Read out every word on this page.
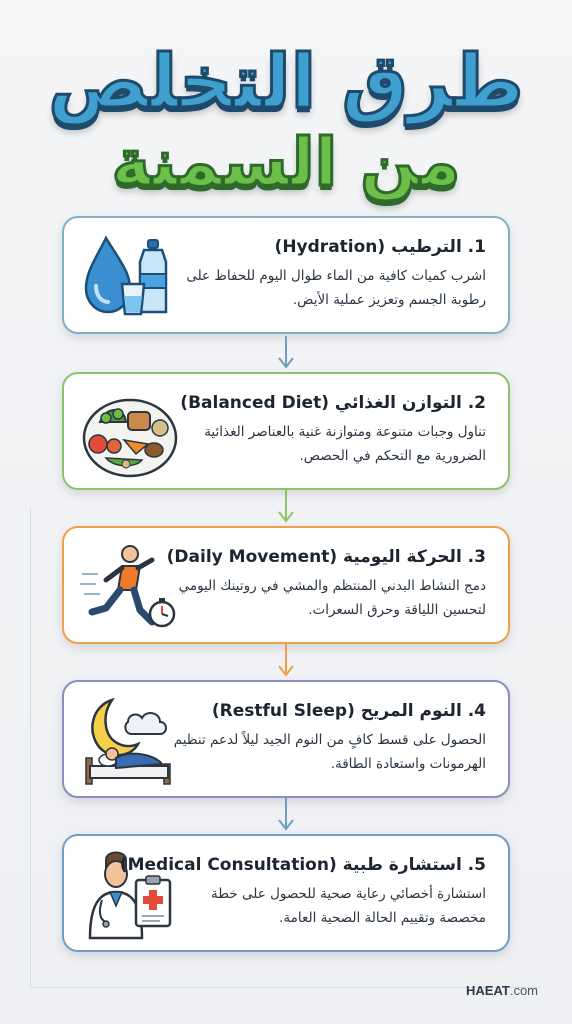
طرق التخلص
من السمنة
1. الترطيب (Hydration)
اشرب كميات كافية من الماء طوال اليوم للحفاظ على رطوبة الجسم وتعزيز عملية الأيض.
2. التوازن الغذائي (Balanced Diet)
تناول وجبات متنوعة ومتوازنة غنية بالعناصر الغذائية الضرورية مع التحكم في الحصص.
3. الحركة اليومية (Daily Movement)
دمج النشاط البدني المنتظم والمشي في روتينك اليومي لتحسين اللياقة وحرق السعرات.
4. النوم المريح (Restful Sleep)
الحصول على قسط كافٍ من النوم الجيد ليلاً لدعم تنظيم الهرمونات واستعادة الطاقة.
5. استشارة طبية (Medical Consultation)
استشارة أخصائي رعاية صحية للحصول على خطة مخصصة وتقييم الحالة الصحية العامة.
HAEAT.com
